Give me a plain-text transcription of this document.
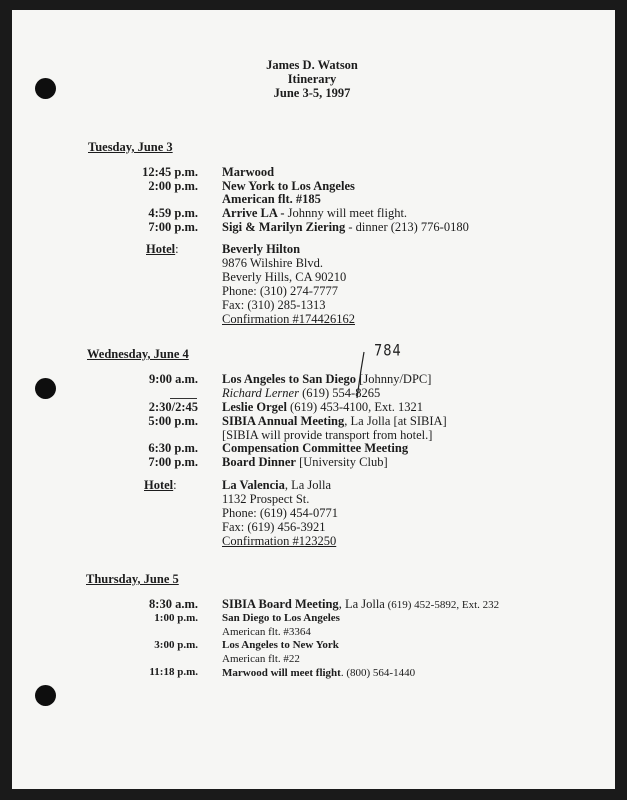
James D. Watson
Itinerary
June 3-5, 1997
Tuesday, June 3
12:45 p.m. Marwood
2:00 p.m. New York to Los Angeles
American flt. #185
4:59 p.m. Arrive LA - Johnny will meet flight.
7:00 p.m. Sigi & Marilyn Ziering - dinner (213) 776-0180
Hotel:	Beverly Hilton
9876 Wilshire Blvd.
Beverly Hills, CA 90210
Phone: (310) 274-7777
Fax: (310) 285-1313
Confirmation #174426162
Wednesday, June 4	784
9:00 a.m. Los Angeles to San Diego [Johnny/DPC]
Richard Lerner (619) 554-8265
2:30/2:45 Leslie Orgel (619) 453-4100, Ext. 1321
5:00 p.m. SIBIA Annual Meeting, La Jolla [at SIBIA]
[SIBIA will provide transport from hotel.]
6:30 p.m. Compensation Committee Meeting
7:00 p.m. Board Dinner [University Club]
Hotel:	La Valencia, La Jolla
1132 Prospect St.
Phone: (619) 454-0771
Fax: (619) 456-3921
Confirmation #123250
Thursday, June 5
8:30 a.m. SIBIA Board Meeting, La Jolla (619) 452-5892, Ext. 232
1:00 p.m. San Diego to Los Angeles
American flt. #3364
3:00 p.m. Los Angeles to New York
American flt. #22
11:18 p.m. Marwood will meet flight. (800) 564-1440
